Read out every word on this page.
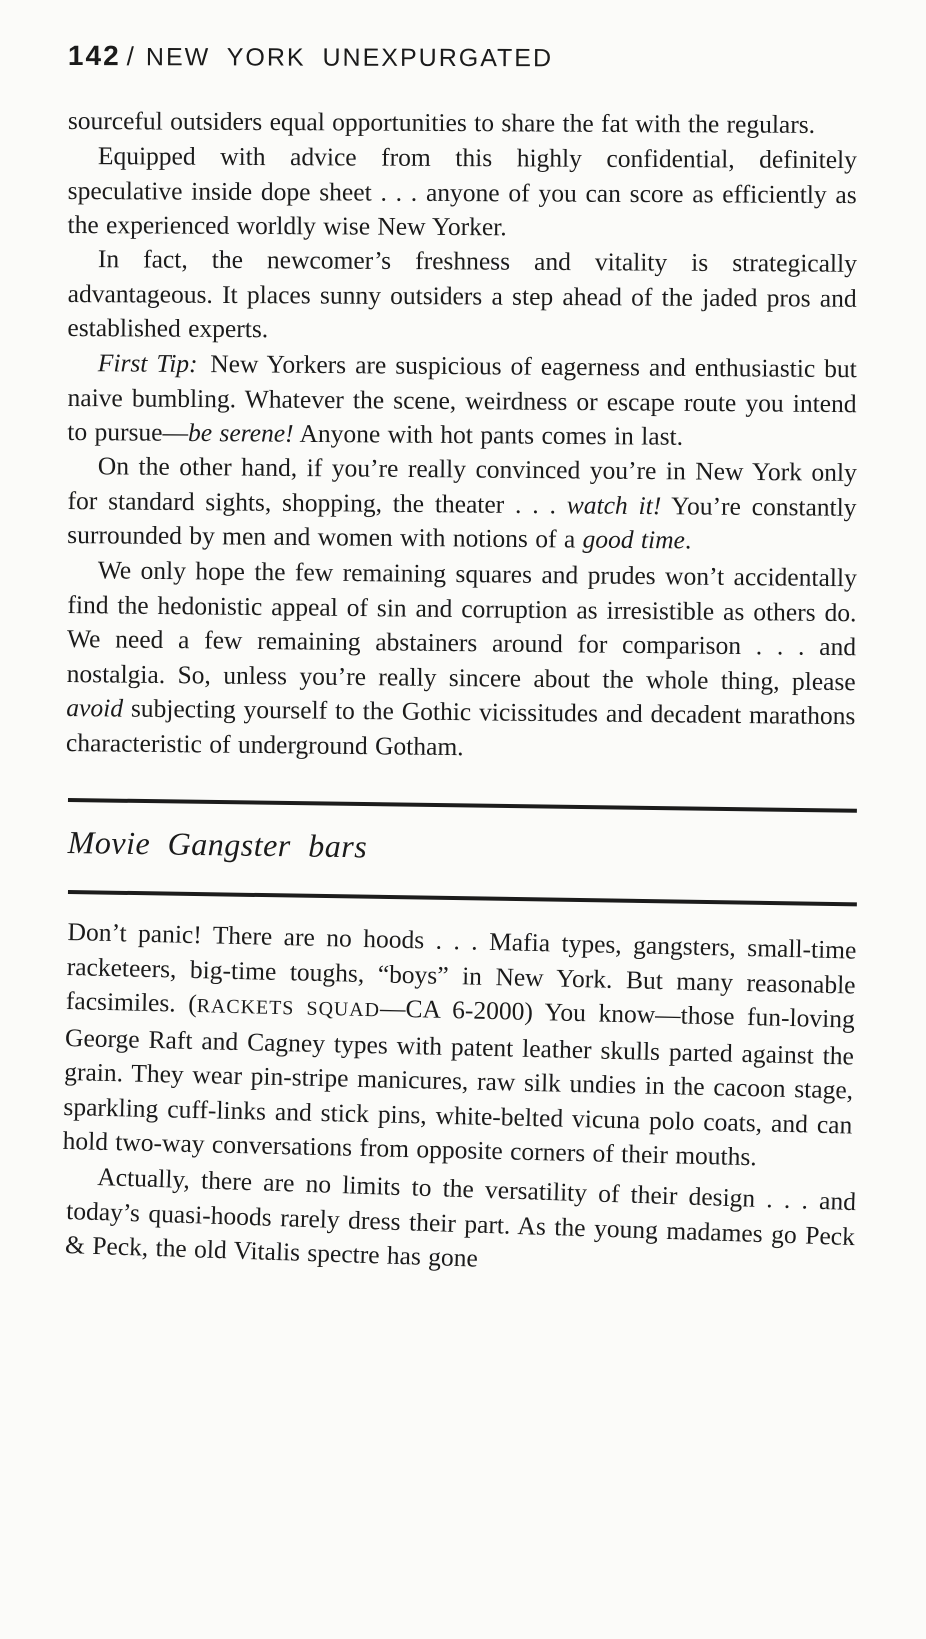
142 / NEW YORK UNEXPURGATED

sourceful outsiders equal opportunities to share the fat with the regulars.

Equipped with advice from this highly confidential, definitely speculative inside dope sheet . . . anyone of you can score as efficiently as the experienced worldly wise New Yorker.

In fact, the newcomer’s freshness and vitality is strategically advantageous. It places sunny outsiders a step ahead of the jaded pros and established experts.

First Tip: New Yorkers are suspicious of eagerness and enthusiastic but naive bumbling. Whatever the scene, weirdness or escape route you intend to pursue—be serene! Anyone with hot pants comes in last.

On the other hand, if you’re really convinced you’re in New York only for standard sights, shopping, the theater . . . watch it! You’re constantly surrounded by men and women with notions of a good time.

We only hope the few remaining squares and prudes won’t accidentally find the hedonistic appeal of sin and corruption as irresistible as others do. We need a few remaining abstainers around for comparison . . . and nostalgia. So, unless you’re really sincere about the whole thing, please avoid subjecting yourself to the Gothic vicissitudes and decadent marathons characteristic of underground Gotham.

Movie Gangster bars

Don’t panic! There are no hoods . . . Mafia types, gangsters, small-time racketeers, big-time toughs, “boys” in New York. But many reasonable facsimiles. (RACKETS SQUAD—CA 6-2000) You know—those fun-loving George Raft and Cagney types with patent leather skulls parted against the grain. They wear pin-stripe manicures, raw silk undies in the cacoon stage, sparkling cuff-links and stick pins, white-belted vicuna polo coats, and can hold two-way conversations from opposite corners of their mouths.

Actually, there are no limits to the versatility of their design . . . and today’s quasi-hoods rarely dress their part. As the young madames go Peck & Peck, the old Vitalis spectre has gone
